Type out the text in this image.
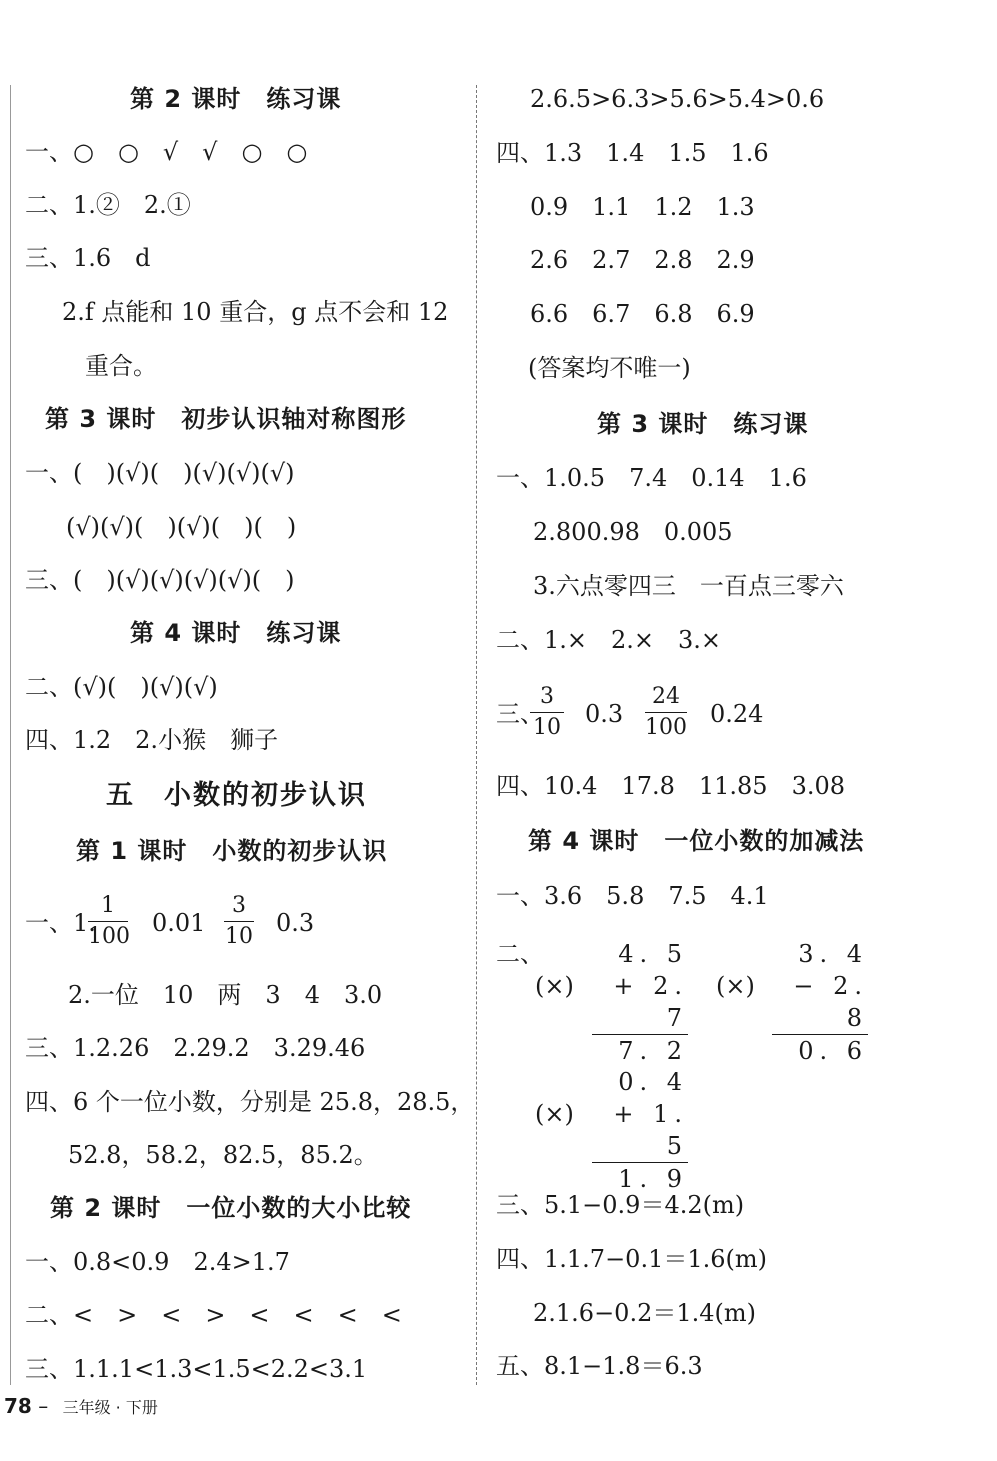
第 2 课时　练习课
一、○　○　√　√　○　○
二、1.②　2.①
三、1.6　d
2.f 点能和 10 重合，g 点不会和 12
重合。
第 3 课时　初步认识轴对称图形
一、(　)(√)(　)(√)(√)(√)
(√)(√)(　)(√)(　)(　)
三、(　)(√)(√)(√)(√)(　)
第 4 课时　练习课
二、(√)(　)(√)(√)
四、1.2　2.小猴　狮子
五　小数的初步认识
第 1 课时　小数的初步认识
一、1.
1
100 0.01
3
10 0.3
2.一位　10　两　3　4　3.0
三、1.2.26　2.29.2　3.29.46
四、6 个一位小数，分别是 25.8，28.5，
52.8，58.2，82.5，85.2。
第 2 课时　一位小数的大小比较
一、0.8<0.9　2.4>1.7
二、<　>　<　>　<　<　<　<
三、1.1.1<1.3<1.5<2.2<3.1
2.6.5>6.3>5.6>5.4>0.6
四、1.3　1.4　1.5　1.6
0.9　1.1　1.2　1.3
2.6　2.7　2.8　2.9
6.6　6.7　6.8　6.9
(答案均不唯一)
第 3 课时　练习课
一、1.0.5　7.4　0.14　1.6
2.800.98　0.005
3.六点零四三　一百点三零六
二、1.×　2.×　3.×
三、
3
10 0.3
24
100 0.24
四、10.4　17.8　11.85　3.08
第 4 课时　一位小数的加减法
一、3.6　5.8　7.5　4.1
二、
(×)
4. 5
+ 2. 7
7. 2
(×)
3. 4
− 2. 8
0. 6
(×)
0. 4
+ 1. 5
1. 9
三、5.1−0.9＝4.2(m)
四、1.1.7−0.1＝1.6(m)
2.1.6−0.2＝1.4(m)
五、8.1−1.8＝6.3
78 – 三年级 · 下册
